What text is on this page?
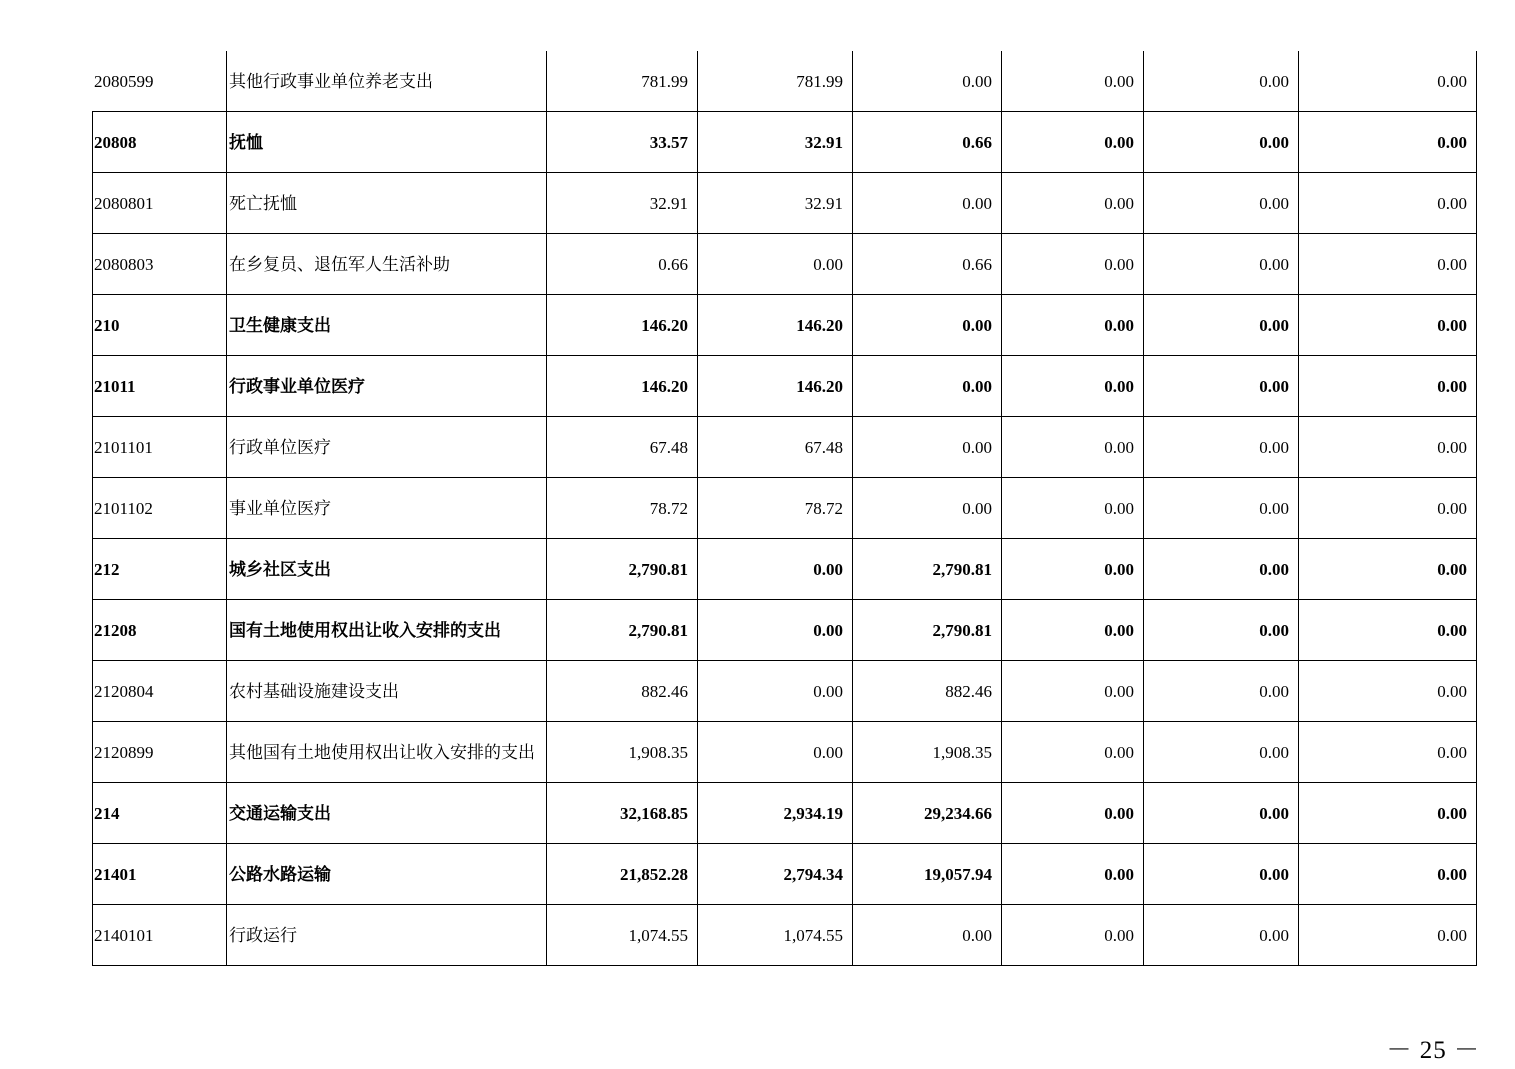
2080599	其他行政事业单位养老支出	781.99	781.99	0.00	0.00	0.00	0.00
20808	抚恤	33.57	32.91	0.66	0.00	0.00	0.00
2080801	死亡抚恤	32.91	32.91	0.00	0.00	0.00	0.00
2080803	在乡复员、退伍军人生活补助	0.66	0.00	0.66	0.00	0.00	0.00
210	卫生健康支出	146.20	146.20	0.00	0.00	0.00	0.00
21011	行政事业单位医疗	146.20	146.20	0.00	0.00	0.00	0.00
2101101	行政单位医疗	67.48	67.48	0.00	0.00	0.00	0.00
2101102	事业单位医疗	78.72	78.72	0.00	0.00	0.00	0.00
212	城乡社区支出	2,790.81	0.00	2,790.81	0.00	0.00	0.00
21208	国有土地使用权出让收入安排的支出	2,790.81	0.00	2,790.81	0.00	0.00	0.00
2120804	农村基础设施建设支出	882.46	0.00	882.46	0.00	0.00	0.00
2120899	其他国有土地使用权出让收入安排的支出	1,908.35	0.00	1,908.35	0.00	0.00	0.00
214	交通运输支出	32,168.85	2,934.19	29,234.66	0.00	0.00	0.00
21401	公路水路运输	21,852.28	2,794.34	19,057.94	0.00	0.00	0.00
2140101	行政运行	1,074.55	1,074.55	0.00	0.00	0.00	0.00
－ 25 －
